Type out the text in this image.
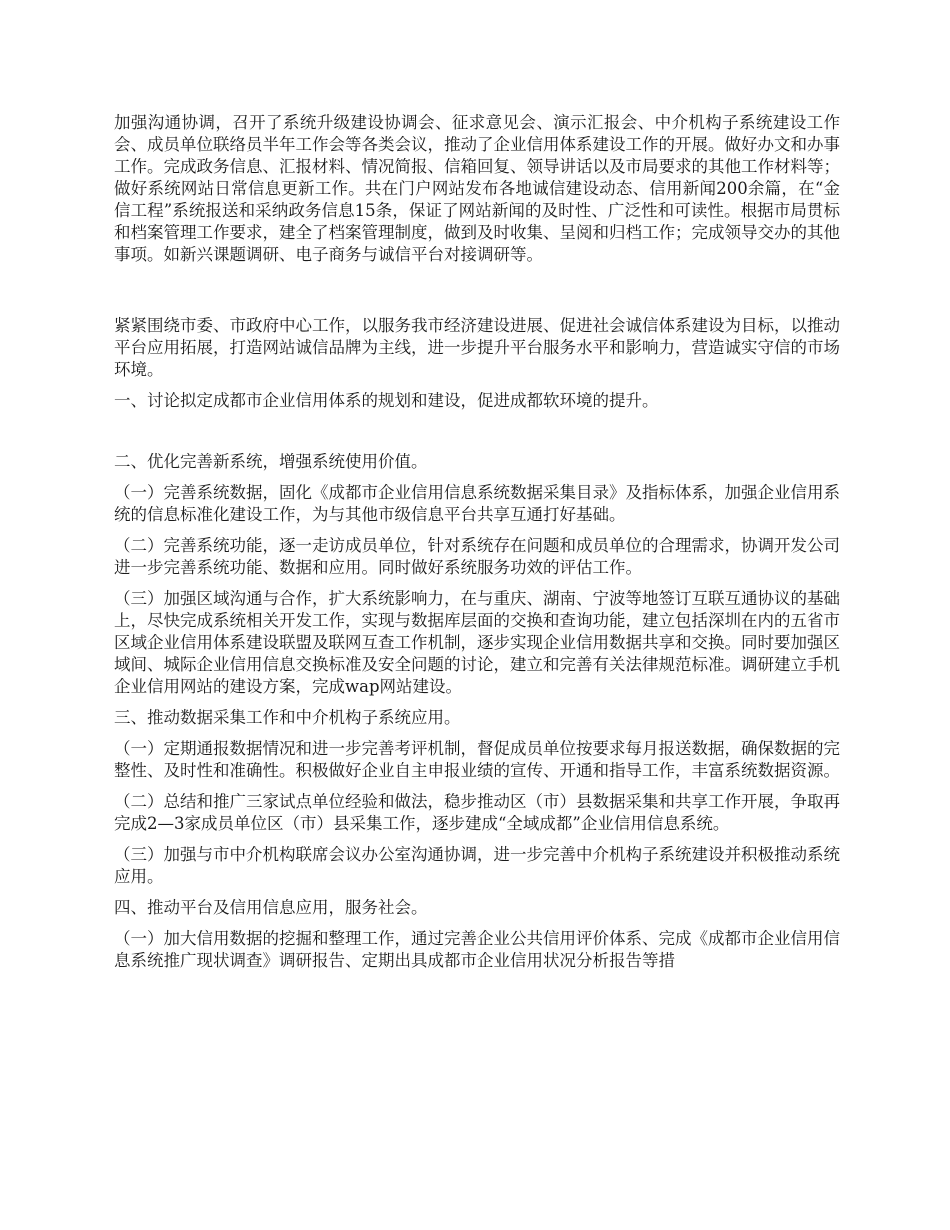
加强沟通协调，召开了系统升级建设协调会、征求意见会、演示汇报会、中介机构子系统建设工作会、成员单位联络员半年工作会等各类会议，推动了企业信用体系建设工作的开展。做好办文和办事工作。完成政务信息、汇报材料、情况简报、信箱回复、领导讲话以及市局要求的其他工作材料等；做好系统网站日常信息更新工作。共在门户网站发布各地诚信建设动态、信用新闻200余篇，在“金信工程”系统报送和采纳政务信息15条，保证了网站新闻的及时性、广泛性和可读性。根据市局贯标和档案管理工作要求，建全了档案管理制度，做到及时收集、呈阅和归档工作；完成领导交办的其他事项。如新兴课题调研、电子商务与诚信平台对接调研等。

紧紧围绕市委、市政府中心工作，以服务我市经济建设进展、促进社会诚信体系建设为目标，以推动平台应用拓展，打造网站诚信品牌为主线，进一步提升平台服务水平和影响力，营造诚实守信的市场环境。

一、讨论拟定成都市企业信用体系的规划和建设，促进成都软环境的提升。

二、优化完善新系统，增强系统使用价值。

（一）完善系统数据，固化《成都市企业信用信息系统数据采集目录》及指标体系，加强企业信用系统的信息标准化建设工作，为与其他市级信息平台共享互通打好基础。

（二）完善系统功能，逐一走访成员单位，针对系统存在问题和成员单位的合理需求，协调开发公司进一步完善系统功能、数据和应用。同时做好系统服务功效的评估工作。

（三）加强区域沟通与合作，扩大系统影响力，在与重庆、湖南、宁波等地签订互联互通协议的基础上，尽快完成系统相关开发工作，实现与数据库层面的交换和查询功能，建立包括深圳在内的五省市区域企业信用体系建设联盟及联网互查工作机制，逐步实现企业信用数据共享和交换。同时要加强区域间、城际企业信用信息交换标准及安全问题的讨论，建立和完善有关法律规范标准。调研建立手机企业信用网站的建设方案，完成wap网站建设。

三、推动数据采集工作和中介机构子系统应用。

（一）定期通报数据情况和进一步完善考评机制，督促成员单位按要求每月报送数据，确保数据的完整性、及时性和准确性。积极做好企业自主申报业绩的宣传、开通和指导工作，丰富系统数据资源。

（二）总结和推广三家试点单位经验和做法，稳步推动区（市）县数据采集和共享工作开展，争取再完成2—3家成员单位区（市）县采集工作，逐步建成“全域成都”企业信用信息系统。

（三）加强与市中介机构联席会议办公室沟通协调，进一步完善中介机构子系统建设并积极推动系统应用。

四、推动平台及信用信息应用，服务社会。

（一）加大信用数据的挖掘和整理工作，通过完善企业公共信用评价体系、完成《成都市企业信用信息系统推广现状调查》调研报告、定期出具成都市企业信用状况分析报告等措
